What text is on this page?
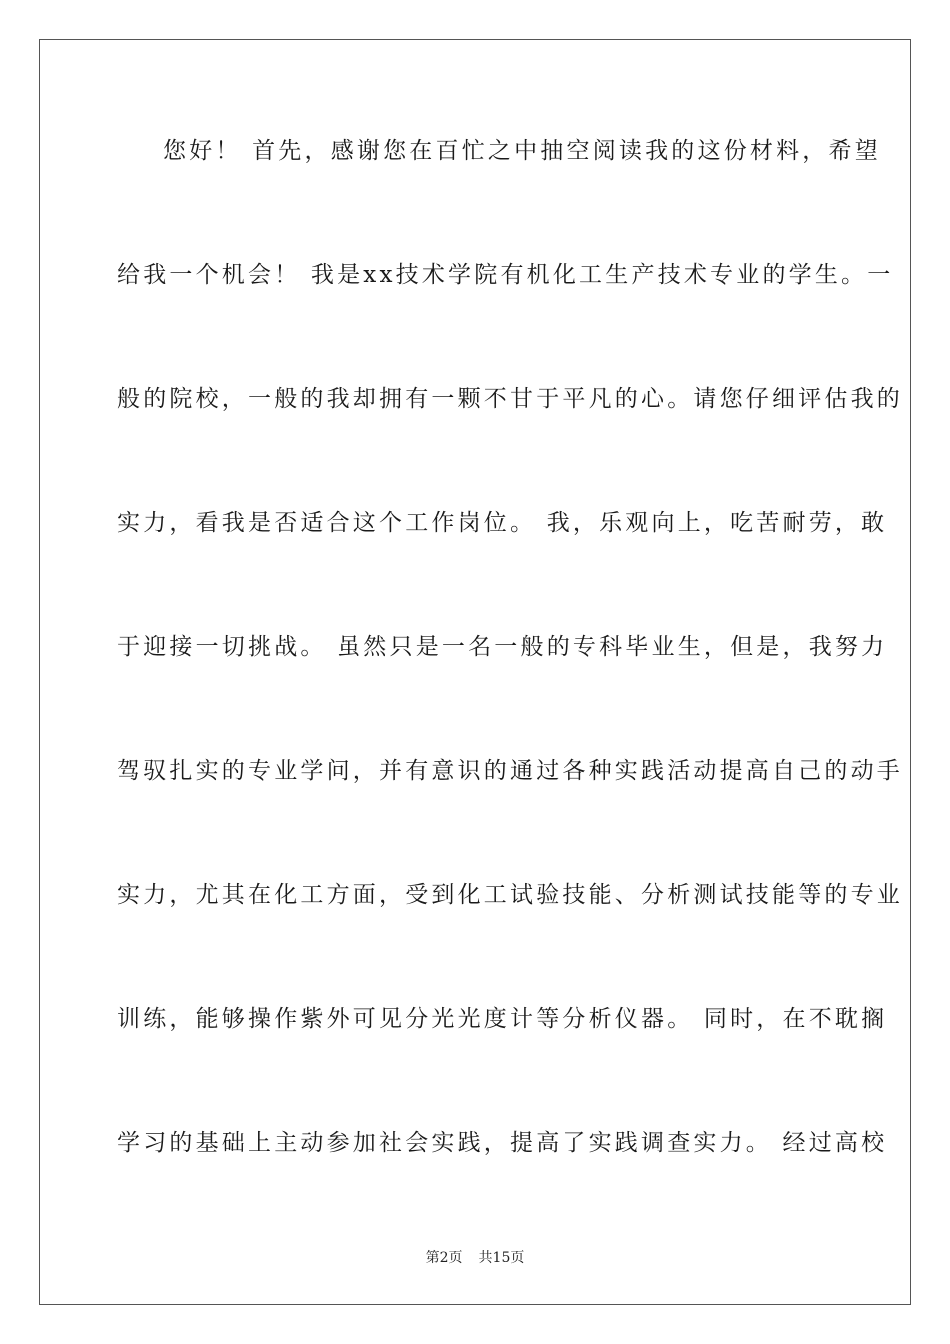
您好！ 首先，感谢您在百忙之中抽空阅读我的这份材料，希望
给我一个机会！ 我是xx技术学院有机化工生产技术专业的学生。一
般的院校，一般的我却拥有一颗不甘于平凡的心。请您仔细评估我的
实力，看我是否适合这个工作岗位。 我，乐观向上，吃苦耐劳，敢
于迎接一切挑战。 虽然只是一名一般的专科毕业生，但是，我努力
驾驭扎实的专业学问，并有意识的通过各种实践活动提高自己的动手
实力，尤其在化工方面，受到化工试验技能、分析测试技能等的专业
训练，能够操作紫外可见分光光度计等分析仪器。 同时，在不耽搁
学习的基础上主动参加社会实践，提高了实践调查实力。 经过高校
第2页 共15页
